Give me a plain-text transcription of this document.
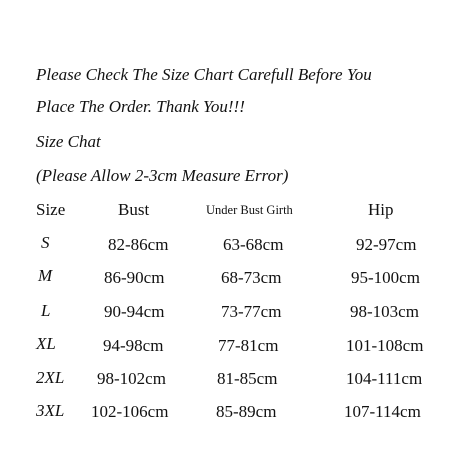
Please Check The Size Chart Carefull Before You
Place The Order. Thank You!!!
Size Chat
(Please Allow 2-3cm Measure Error)
Size	Bust	Under Bust Girth	Hip
S	82-86cm	63-68cm	92-97cm
M	86-90cm	68-73cm	95-100cm
L	90-94cm	73-77cm	98-103cm
XL	94-98cm	77-81cm	101-108cm
2XL 98-102cm	81-85cm	104-111cm
3XL 102-106cm	85-89cm	107-114cm
